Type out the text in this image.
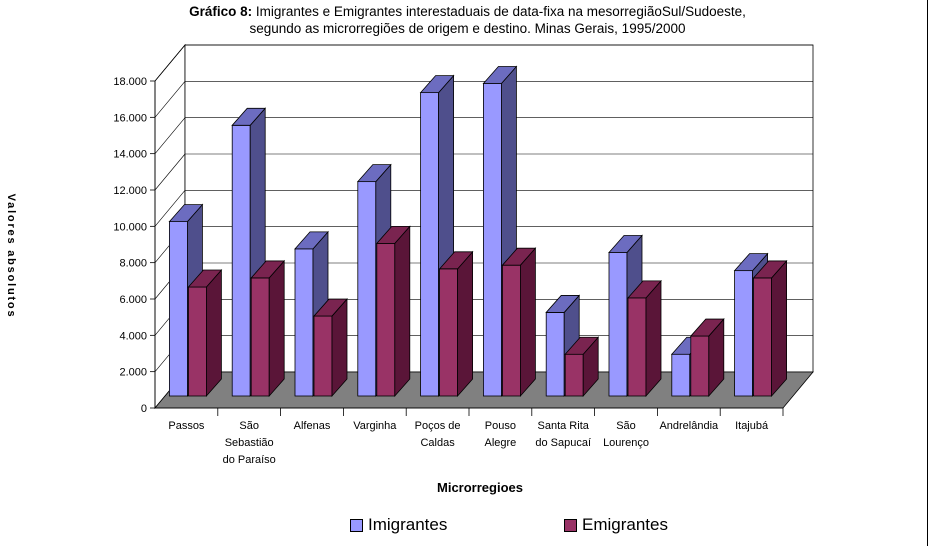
Gráfico 8: Imigrantes e Emigrantes interestaduais de data-fixa na mesorregiãoSul/Sudoeste,
segundo as microrregiões de origem e destino. Minas Gerais, 1995/2000
Valores absolutos
0
2.000
4.000
6.000
8.000
10.000
12.000
14.000
16.000
18.000
Passos	São Sebastião do Paraíso
Alfenas Varginha Poços de Caldas
Pouso Alegre
Santa Rita do Sapucaí
São Lourenço
Andrelândia Itajubá
Microrregioes
Imigrantes	Emigrantes
